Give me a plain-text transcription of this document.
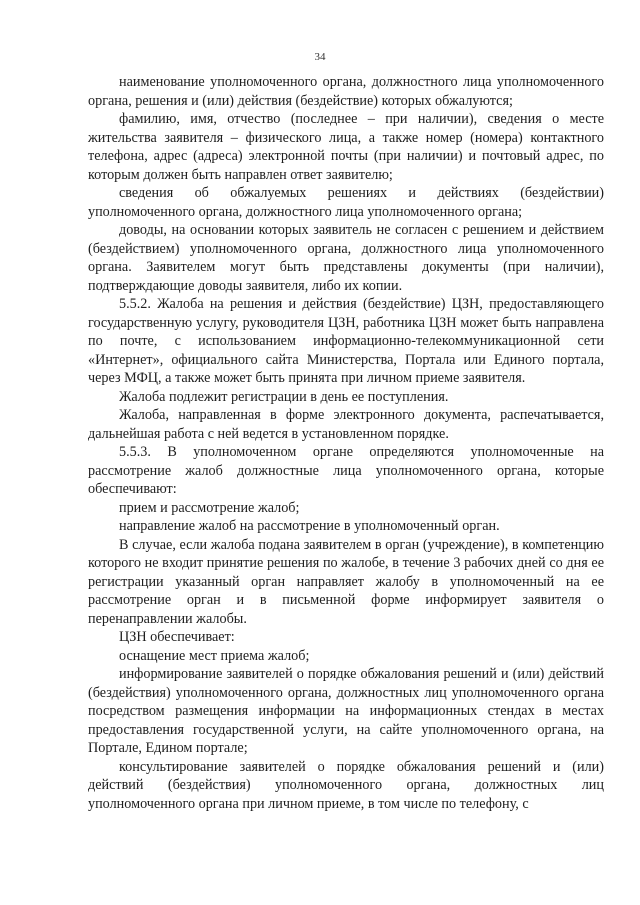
34

наименование уполномоченного органа, должностного лица уполномоченного органа, решения и (или) действия (бездействие) которых обжалуются;

фамилию, имя, отчество (последнее – при наличии), сведения о месте жительства заявителя – физического лица, а также номер (номера) контактного телефона, адрес (адреса) электронной почты (при наличии) и почтовый адрес, по которым должен быть направлен ответ заявителю;

сведения об обжалуемых решениях и действиях (бездействии) уполномоченного органа, должностного лица уполномоченного органа;

доводы, на основании которых заявитель не согласен с решением и действием (бездействием) уполномоченного органа, должностного лица уполномоченного органа. Заявителем могут быть представлены документы (при наличии), подтверждающие доводы заявителя, либо их копии.

5.5.2. Жалоба на решения и действия (бездействие) ЦЗН, предоставляющего государственную услугу, руководителя ЦЗН, работника ЦЗН может быть направлена по почте, с использованием информационно-телекоммуникационной сети «Интернет», официального сайта Министерства, Портала или Единого портала, через МФЦ, а также может быть принята при личном приеме заявителя.

Жалоба подлежит регистрации в день ее поступления.

Жалоба, направленная в форме электронного документа, распечатывается, дальнейшая работа с ней ведется в установленном порядке.

5.5.3. В уполномоченном органе определяются уполномоченные на рассмотрение жалоб должностные лица уполномоченного органа, которые обеспечивают:

прием и рассмотрение жалоб;

направление жалоб на рассмотрение в уполномоченный орган.

В случае, если жалоба подана заявителем в орган (учреждение), в компетенцию которого не входит принятие решения по жалобе, в течение 3 рабочих дней со дня ее регистрации указанный орган направляет жалобу в уполномоченный на ее рассмотрение орган и в письменной форме информирует заявителя о перенаправлении жалобы.

ЦЗН обеспечивает:

оснащение мест приема жалоб;

информирование заявителей о порядке обжалования решений и (или) действий (бездействия) уполномоченного органа, должностных лиц уполномоченного органа посредством размещения информации на информационных стендах в местах предоставления государственной услуги, на сайте уполномоченного органа, на Портале, Едином портале;

консультирование заявителей о порядке обжалования решений и (или) действий (бездействия) уполномоченного органа, должностных лиц уполномоченного органа при личном приеме, в том числе по телефону, с
